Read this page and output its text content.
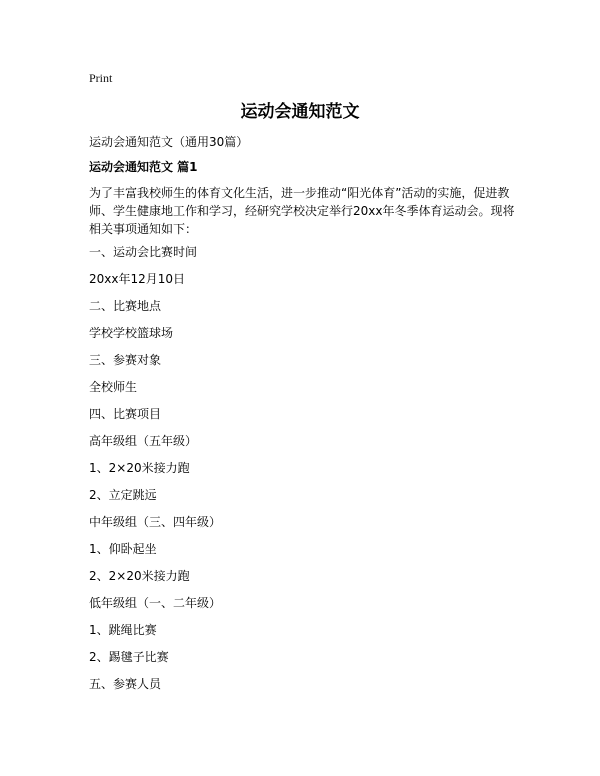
Print
运动会通知范文
运动会通知范文（通用30篇）
运动会通知范文 篇1
为了丰富我校师生的体育文化生活，进一步推动“阳光体育”活动的实施，促进教师、学生健康地工作和学习，经研究学校决定举行20xx年冬季体育运动会。现将相关事项通知如下：
一、运动会比赛时间
20xx年12月10日
二、比赛地点
学校学校篮球场
三、参赛对象
全校师生
四、比赛项目
高年级组（五年级）
1、2×20米接力跑
2、立定跳远
中年级组（三、四年级）
1、仰卧起坐
2、2×20米接力跑
低年级组（一、二年级）
1、跳绳比赛
2、踢毽子比赛
五、参赛人员
